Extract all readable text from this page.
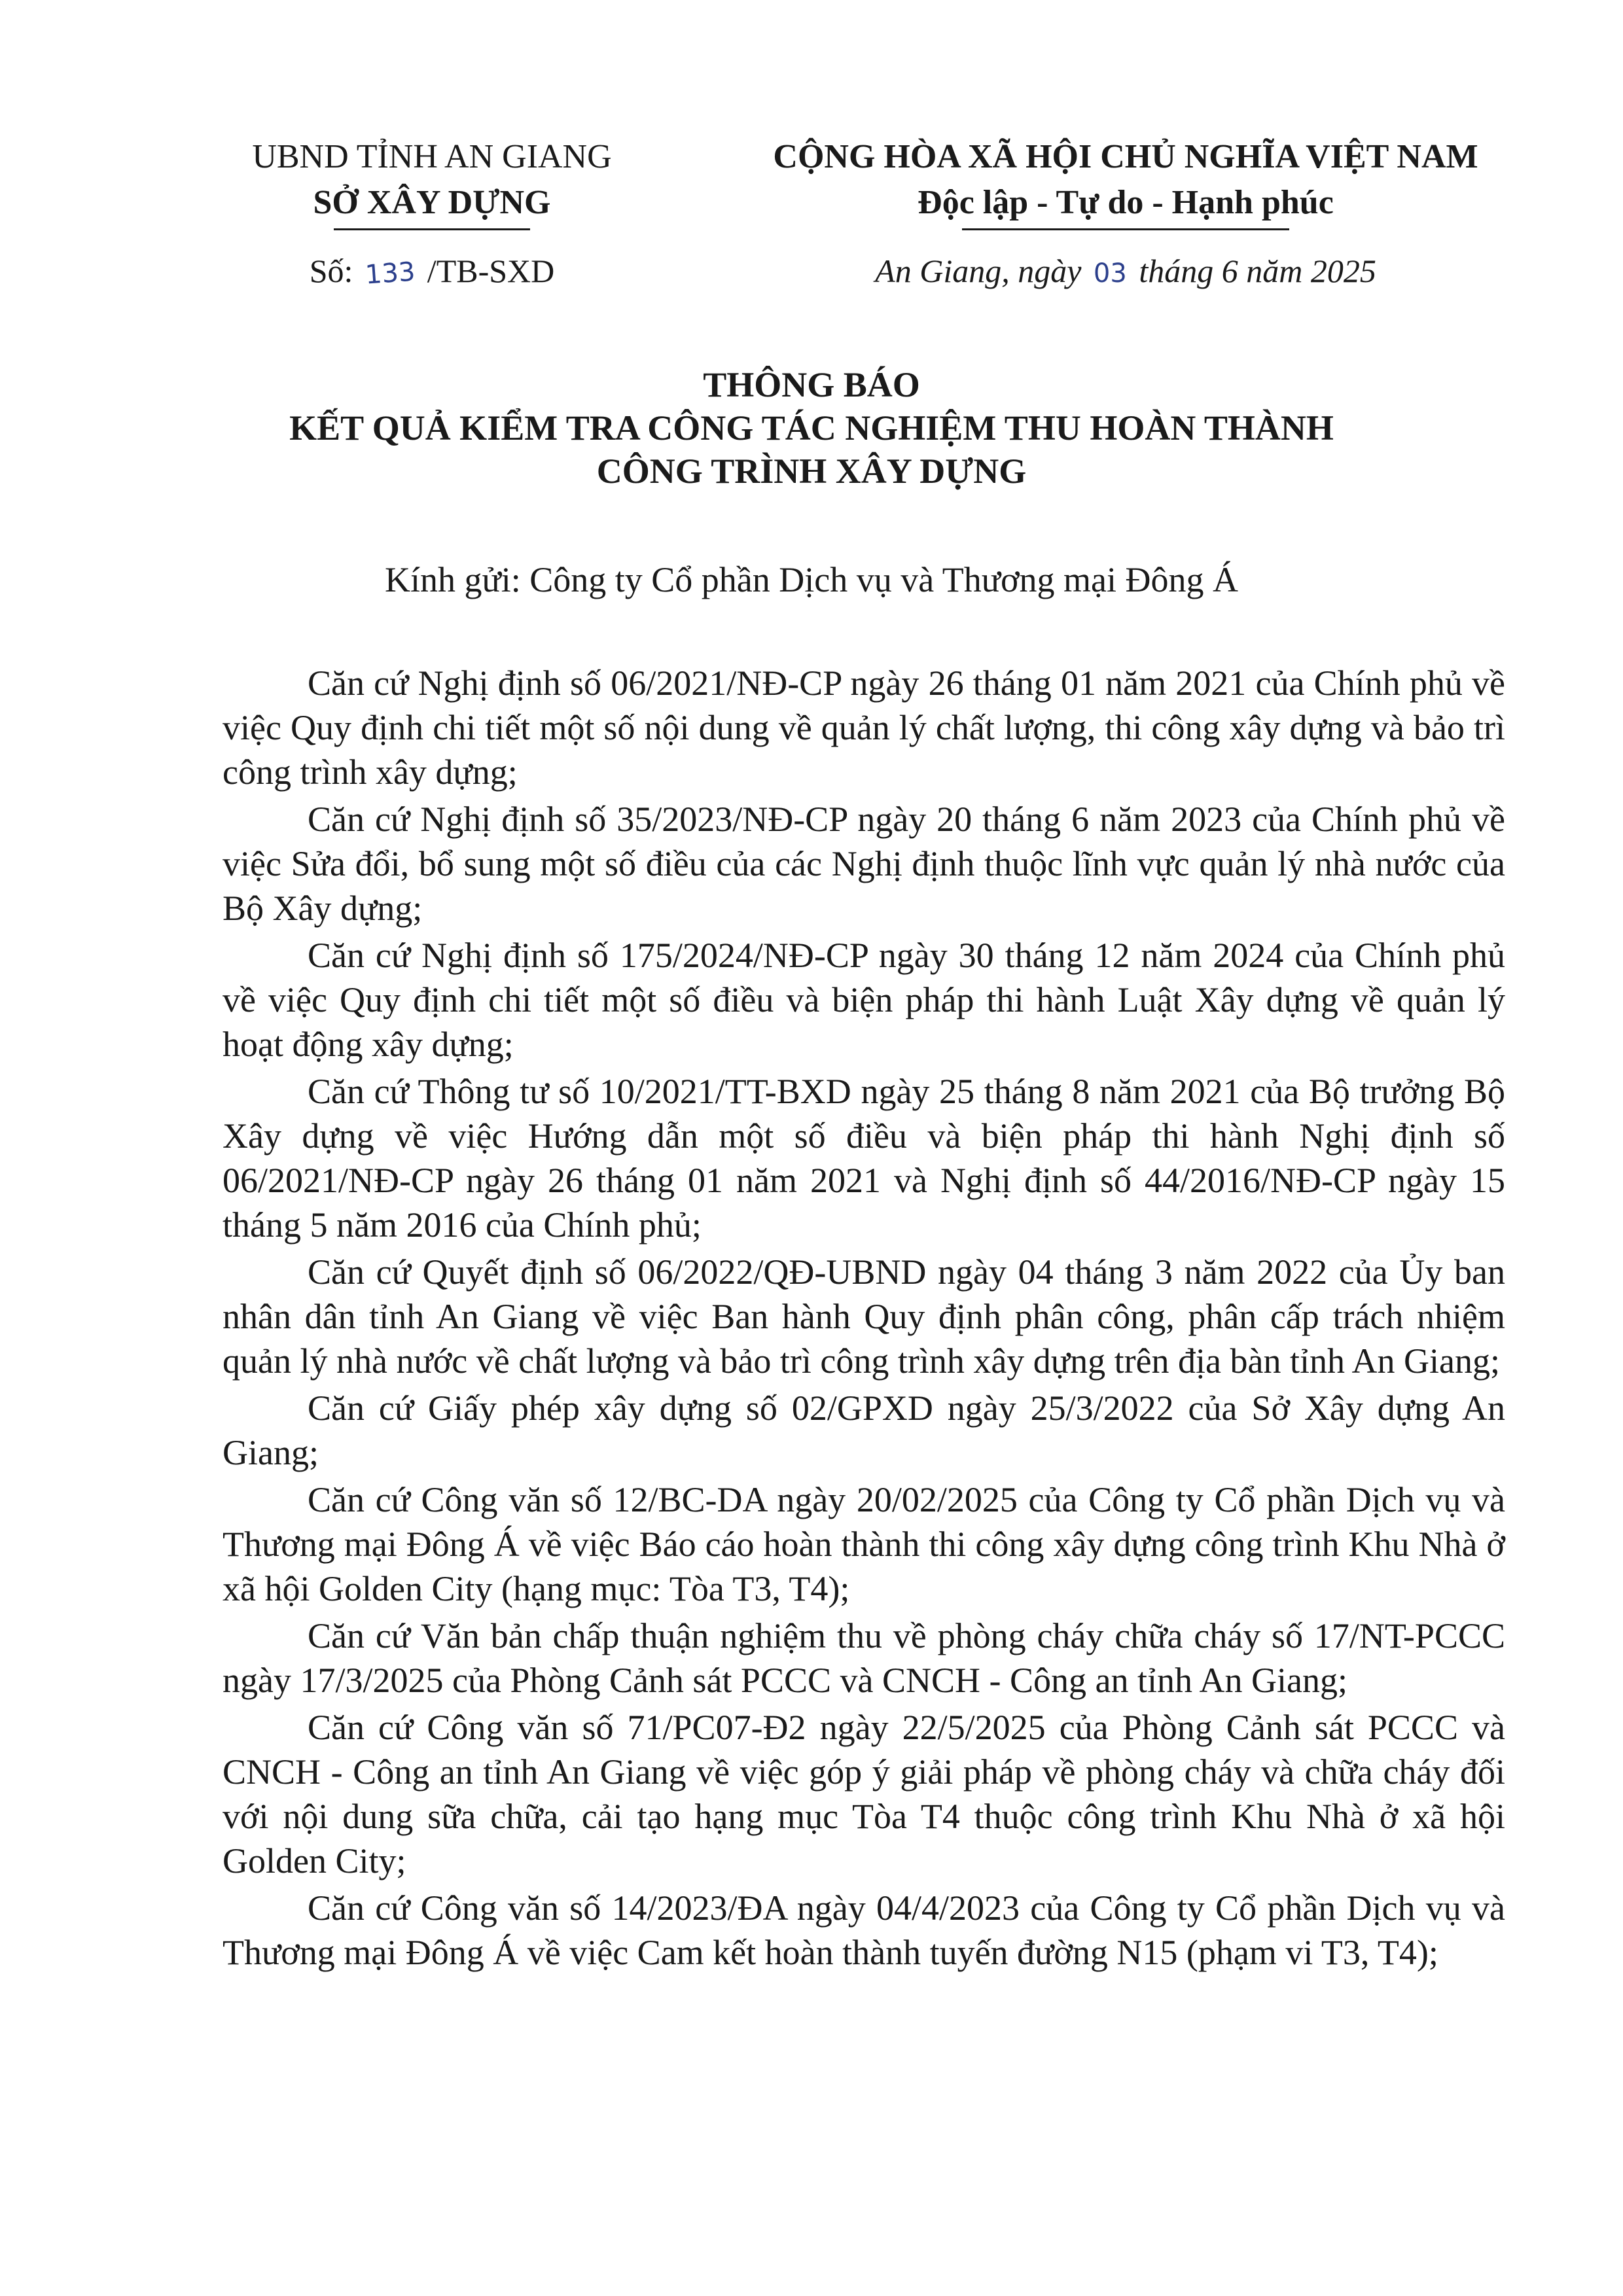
UBND TỈNH AN GIANG
SỞ XÂY DỰNG
CỘNG HÒA XÃ HỘI CHỦ NGHĨA VIỆT NAM
Độc lập - Tự do - Hạnh phúc
Số: 133 /TB-SXD	An Giang, ngày 03 tháng 6 năm 2025
THÔNG BÁO
KẾT QUẢ KIỂM TRA CÔNG TÁC NGHIỆM THU HOÀN THÀNH
CÔNG TRÌNH XÂY DỰNG
Kính gửi: Công ty Cổ phần Dịch vụ và Thương mại Đông Á

Căn cứ Nghị định số 06/2021/NĐ-CP ngày 26 tháng 01 năm 2021 của Chính phủ về việc Quy định chi tiết một số nội dung về quản lý chất lượng, thi công xây dựng và bảo trì công trình xây dựng;

Căn cứ Nghị định số 35/2023/NĐ-CP ngày 20 tháng 6 năm 2023 của Chính phủ về việc Sửa đổi, bổ sung một số điều của các Nghị định thuộc lĩnh vực quản lý nhà nước của Bộ Xây dựng;

Căn cứ Nghị định số 175/2024/NĐ-CP ngày 30 tháng 12 năm 2024 của Chính phủ về việc Quy định chi tiết một số điều và biện pháp thi hành Luật Xây dựng về quản lý hoạt động xây dựng;

Căn cứ Thông tư số 10/2021/TT-BXD ngày 25 tháng 8 năm 2021 của Bộ trưởng Bộ Xây dựng về việc Hướng dẫn một số điều và biện pháp thi hành Nghị định số 06/2021/NĐ-CP ngày 26 tháng 01 năm 2021 và Nghị định số 44/2016/NĐ-CP ngày 15 tháng 5 năm 2016 của Chính phủ;

Căn cứ Quyết định số 06/2022/QĐ-UBND ngày 04 tháng 3 năm 2022 của Ủy ban nhân dân tỉnh An Giang về việc Ban hành Quy định phân công, phân cấp trách nhiệm quản lý nhà nước về chất lượng và bảo trì công trình xây dựng trên địa bàn tỉnh An Giang;

Căn cứ Giấy phép xây dựng số 02/GPXD ngày 25/3/2022 của Sở Xây dựng An Giang;

Căn cứ Công văn số 12/BC-DA ngày 20/02/2025 của Công ty Cổ phần Dịch vụ và Thương mại Đông Á về việc Báo cáo hoàn thành thi công xây dựng công trình Khu Nhà ở xã hội Golden City (hạng mục: Tòa T3, T4);

Căn cứ Văn bản chấp thuận nghiệm thu về phòng cháy chữa cháy số 17/NT-PCCC ngày 17/3/2025 của Phòng Cảnh sát PCCC và CNCH - Công an tỉnh An Giang;

Căn cứ Công văn số 71/PC07-Đ2 ngày 22/5/2025 của Phòng Cảnh sát PCCC và CNCH - Công an tỉnh An Giang về việc góp ý giải pháp về phòng cháy và chữa cháy đối với nội dung sữa chữa, cải tạo hạng mục Tòa T4 thuộc công trình Khu Nhà ở xã hội Golden City;

Căn cứ Công văn số 14/2023/ĐA ngày 04/4/2023 của Công ty Cổ phần Dịch vụ và Thương mại Đông Á về việc Cam kết hoàn thành tuyến đường N15 (phạm vi T3, T4);
